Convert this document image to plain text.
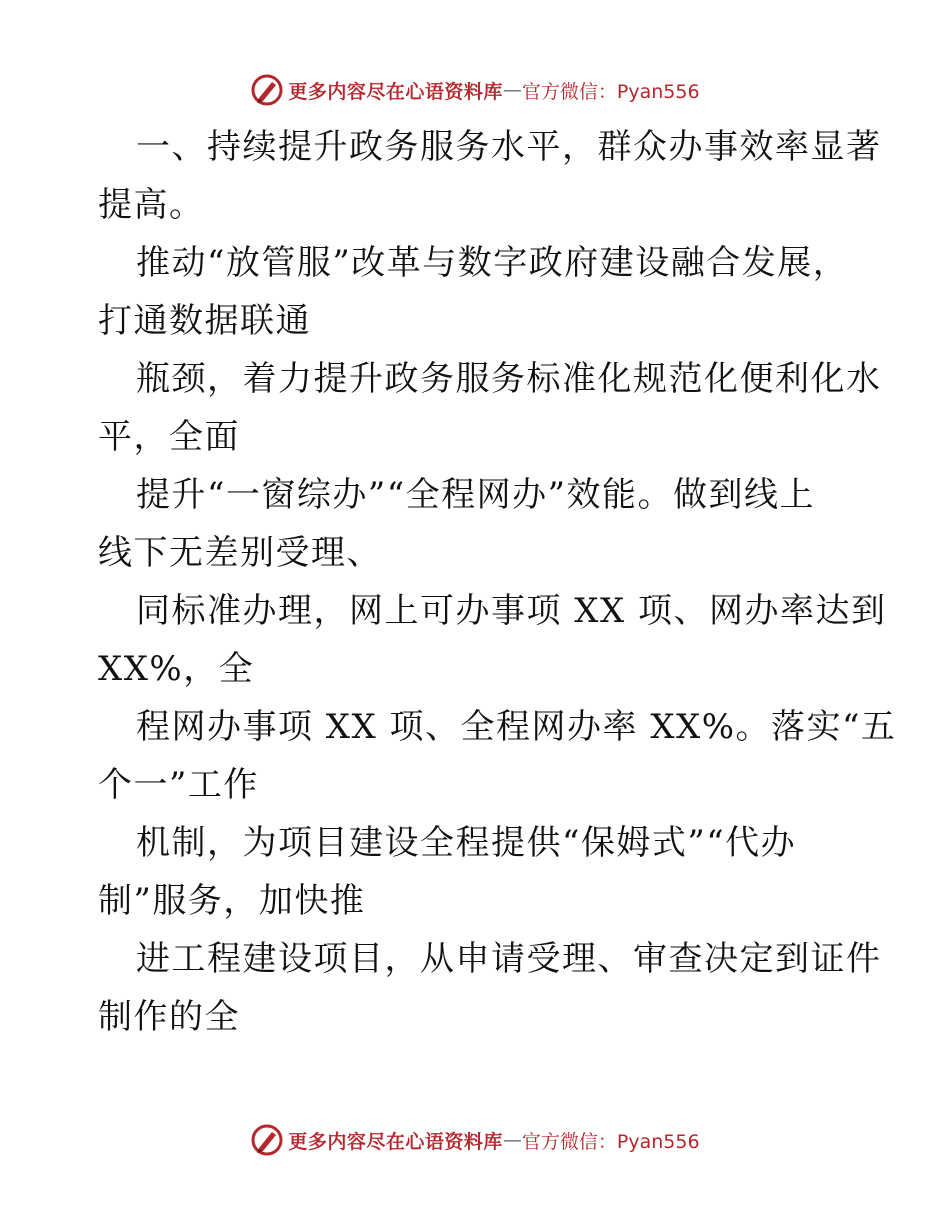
更多内容尽在心语资料库 — 官方微信：Pyan556
一、持续提升政务服务水平，群众办事效率显著
提高。
推动“放管服”改革与数字政府建设融合发展，
打通数据联通
瓶颈，着力提升政务服务标准化规范化便利化水
平，全面
提升“一窗综办”“全程网办”效能。做到线上
线下无差别受理、
同标准办理，网上可办事项 XX 项、网办率达到
XX%，全
程网办事项 XX 项、全程网办率 XX%。落实“五
个一”工作
机制，为项目建设全程提供“保姆式”“代办
制”服务，加快推
进工程建设项目，从申请受理、审查决定到证件
制作的全
更多内容尽在心语资料库 — 官方微信：Pyan556
